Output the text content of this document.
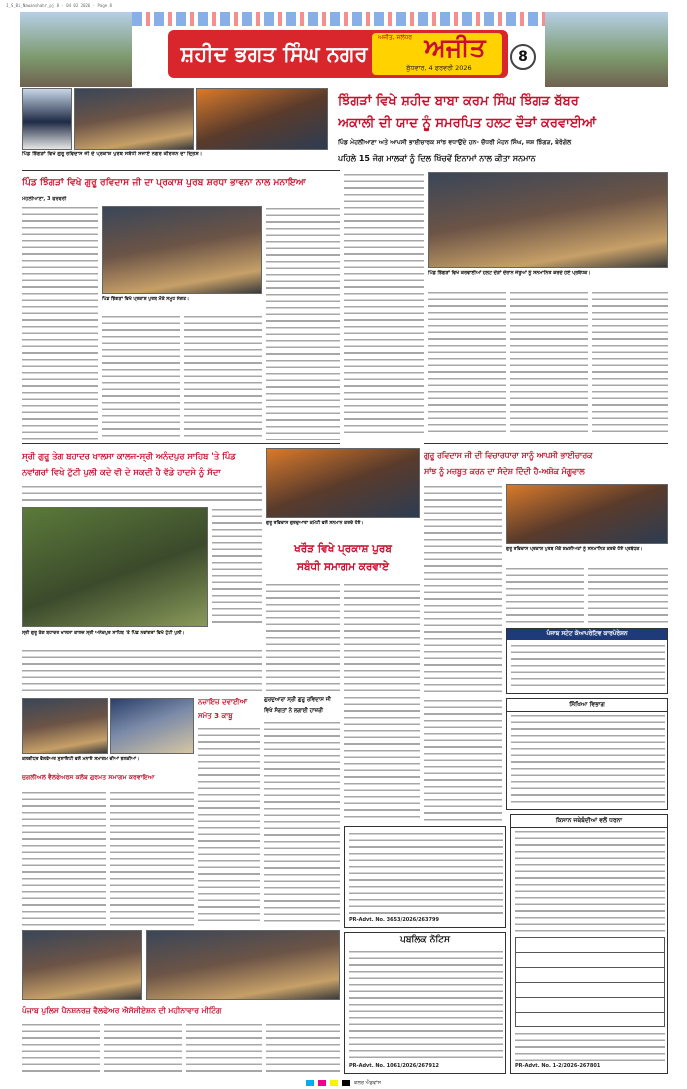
I_S_Bi_Nawanshahr_pj 8 · 04 02 2026 · Page 8
ਸ਼ਹੀਦ ਭਗਤ ਸਿੰਘ ਨਗਰ
ਅਜੀਤ, ਜਲੰਧਰ ਅਜੀਤ
ਬੁੱਧਵਾਰ, 4 ਫਰਵਰੀ 2026
8
ਪਿੰਡ ਝਿੰਗੜਾਂ ਵਿਖੇ ਗੁਰੂ ਰਵਿਦਾਸ ਜੀ ਦੇ ਪ੍ਰਕਾਸ਼ ਪੁਰਬ ਸਬੰਧੀ ਸਜਾਏ ਨਗਰ ਕੀਰਤਨ ਦਾ ਦ੍ਰਿਸ਼।
ਝਿੰਗੜਾਂ ਵਿਖੇ ਸ਼ਹੀਦ ਬਾਬਾ ਕਰਮ ਸਿੰਘ ਝਿੰਗੜ ਬੱਬਰ
ਅਕਾਲੀ ਦੀ ਯਾਦ ਨੂੰ ਸਮਰਪਿਤ ਹਲਟ ਦੌੜਾਂ ਕਰਵਾਈਆਂ
ਪਿੰਡ ਮੇਹਲੀਆਣਾ ਅਤੇ ਆਪਸੀ ਭਾਈਚਾਰਕ ਸਾਂਝ ਵਧਾਉਂਦੇ ਹਨ- ਚੌਧਰੀ ਮੋਹਨ ਸਿੰਘ, ਜਸ਼ ਝਿੰਗੜ, ਬੇਰੋਗੋਲ
ਪਹਿਲੇ 15 ਜੋਗ ਮਾਲਕਾਂ ਨੂੰ ਦਿਲ ਖਿੱਚਵੇਂ ਇਨਾਮਾਂ ਨਾਲ ਕੀਤਾ ਸਨਮਾਨ
ਪਿੰਡ ਝਿੰਗੜਾਂ ਵਿਖੇ ਗੁਰੂ ਰਵਿਦਾਸ ਜੀ ਦਾ ਪ੍ਰਕਾਸ਼ ਪੁਰਬ ਸ਼ਰਧਾ ਭਾਵਨਾ ਨਾਲ ਮਨਾਇਆ
ਮੇਹਲੀਆਣਾ, 3 ਫਰਵਰੀ
ਪਿੰਡ ਝਿੰਗੜਾਂ ਵਿਖੇ ਪ੍ਰਕਾਸ਼ ਪੁਰਬ ਮੌਕੇ ਸਮੂਹ ਸੰਗਤ।
ਪਿੰਡ ਝਿੰਗੜਾਂ ਵਿਖੇ ਕਰਵਾਈਆਂ ਹਲਟ ਦੌੜਾਂ ਦੌਰਾਨ ਜੇਤੂਆਂ ਨੂੰ ਸਨਮਾਨਿਤ ਕਰਦੇ ਹੋਏ ਪ੍ਰਬੰਧਕ।
ਸ੍ਰੀ ਗੁਰੂ ਤੇਗ ਬਹਾਦਰ ਖਾਲਸਾ ਕਾਲਜ-ਸ੍ਰੀ ਅਨੰਦਪੁਰ ਸਾਹਿਬ 'ਤੇ ਪਿੰਡ
ਨਵਾਂਗਰਾਂ ਵਿਖੇ ਟੁੱਟੀ ਪੁਲੀ ਕਦੇ ਵੀ ਦੇ ਸਕਦੀ ਹੈ ਵੱਡੇ ਹਾਦਸੇ ਨੂੰ ਸੱਦਾ
ਸ੍ਰੀ ਗੁਰੂ ਤੇਗ ਬਹਾਦਰ ਖਾਲਸਾ ਕਾਲਜ ਸ੍ਰੀ ਅਨੰਦਪੁਰ ਸਾਹਿਬ 'ਤੇ ਪਿੰਡ ਨਵਾਂਗਰਾਂ ਵਿਖੇ ਟੁੱਟੀ ਪੁਲੀ।
ਗੁਰੂ ਰਵਿਦਾਸ ਗੁਰਦੁਆਰਾ ਕਮੇਟੀ ਵਲੋਂ ਸਨਮਾਨ ਕਰਦੇ ਹੋਏ।
ਖਰੌੜ ਵਿਖੇ ਪ੍ਰਕਾਸ਼ ਪੁਰਬ
ਸਬੰਧੀ ਸਮਾਗਮ ਕਰਵਾਏ
ਗੁਰੂ ਰਵਿਦਾਸ ਜੀ ਦੀ ਵਿਚਾਰਧਾਰਾ ਸਾਨੂੰ ਆਪਸੀ ਭਾਈਚਾਰਕ
ਸਾਂਝ ਨੂੰ ਮਜ਼ਬੂਤ ਕਰਨ ਦਾ ਸੰਦੇਸ਼ ਦਿੰਦੀ ਹੈ-ਅਸ਼ੋਕ ਮੰਗੂਵਾਲ
ਗੁਰੂ ਰਵਿਦਾਸ ਪ੍ਰਕਾਸ਼ ਪੁਰਬ ਮੌਕੇ ਸ਼ਖ਼ਸੀਅਤਾਂ ਨੂੰ ਸਨਮਾਨਿਤ ਕਰਦੇ ਹੋਏ ਪ੍ਰਬੰਧਕ।
ਪੰਜਾਬ ਸਟੇਟ ਕੋਆਪਰੇਟਿਵ ਕਾਰਪੋਰੇਸ਼ਨ
ਨਜ਼ਾਇਜ਼ ਦਵਾਈਆਂ
ਸਮੇਤ 3 ਕਾਬੂ
ਕਲਗੀਧਰ ਵੈਲਫੇਅਰ ਸੁਸਾਇਟੀ ਵਲੋਂ ਮਨਾਏ ਸਮਾਗਮ ਦੀਆਂ ਝਲਕੀਆਂ।
ਜੁਗਲੀਅਲ ਵੈਲਫੇਅਰਸ ਕਲੱਬ ਗੁਰਮਤ ਸਮਾਗਮ ਕਰਵਾਇਆ
ਗੁਰਦੁਆਰਾ ਸ੍ਰੀ ਗੁਰੂ ਰਵਿਦਾਸ ਜੀ ਵਿਖੇ ਸੰਗਤਾਂ ਨੇ ਲਗਾਈ ਹਾਜ਼ਰੀ
PR-Advt. No. 3653/2026/263799
ਸਿੱਖਿਆ ਵਿਭਾਗ
ਪੰਜਾਬ ਪੁਲਿਸ ਪੈਨਸ਼ਨਰਜ਼ ਵੈਲਫੇਅਰ ਐਸੋਸੀਏਸ਼ਨ ਦੀ ਮਹੀਨਾਵਾਰ ਮੀਟਿੰਗ
ਪਬਲਿਕ ਨੋਟਿਸ
PR-Advt. No. 1061/2026/267912
ਕਿਸਾਨ ਜਥੇਬੰਦੀਆਂ ਵਲੋਂ ਧਰਨਾ
PR-Advt. No. 1-2/2026-267801
ਕਲਰ ਐਡਵਾਂਸ
